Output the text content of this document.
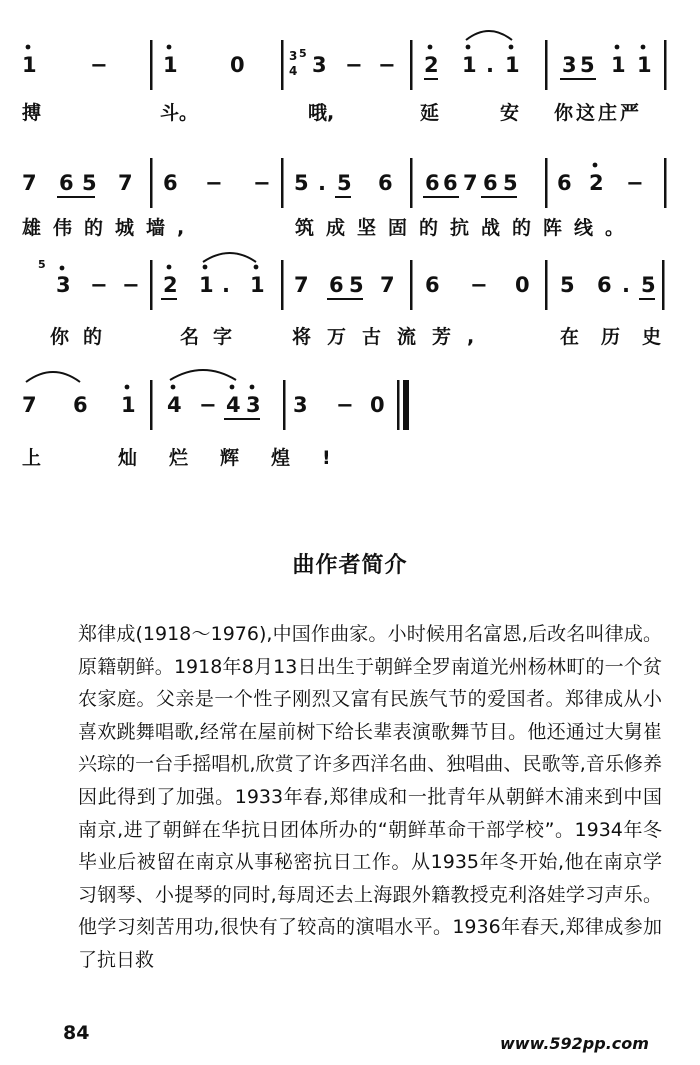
1	−	1 0	3
4
5 3 − − 2 1 . 1 3 5 1 1
7 6 5 7 6 − − 5 . 5 6 6 6 7 6 5 6 2 −
5
3 − − 2 1 . 1 7 6 5 7 6 − 0 5 6 . 5
7 6 1 4 − 4 3 3 − 0
搏	斗。	哦,	延	安 你这庄严
雄伟的城墙,	筑成坚固的抗战的阵线。
你的	名字 将万古流芳,	在历史
上	灿烂辉煌!
曲作者简介
郑律成(1918～1976),中国作曲家。小时候用名富恩,后改名叫律成。原籍朝鲜。1918年8月13日出生于朝鲜全罗南道光州杨林町的一个贫农家庭。父亲是一个性子刚烈又富有民族气节的爱国者。郑律成从小喜欢跳舞唱歌,经常在屋前树下给长辈表演歌舞节目。他还通过大舅崔兴琮的一台手摇唱机,欣赏了许多西洋名曲、独唱曲、民歌等,音乐修养因此得到了加强。1933年春,郑律成和一批青年从朝鲜木浦来到中国南京,进了朝鲜在华抗日团体所办的“朝鲜革命干部学校”。1934年冬毕业后被留在南京从事秘密抗日工作。从1935年冬开始,他在南京学习钢琴、小提琴的同时,每周还去上海跟外籍教授克利洛娃学习声乐。他学习刻苦用功,很快有了较高的演唱水平。1936年春天,郑律成参加了抗日救
84	www.592pp.com
